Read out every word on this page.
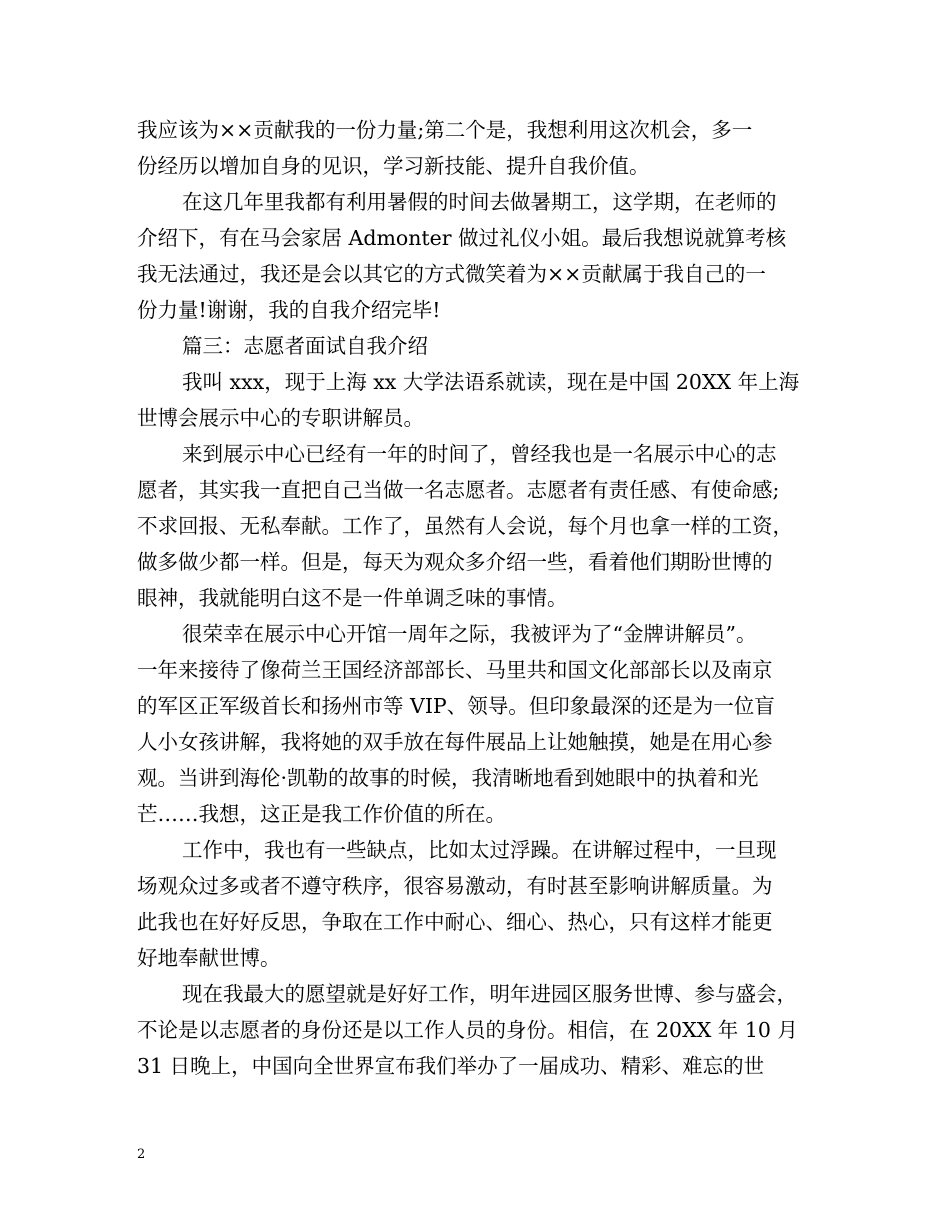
我应该为××贡献我的一份力量;第二个是，我想利用这次机会，多一
份经历以增加自身的见识，学习新技能、提升自我价值。
在这几年里我都有利用暑假的时间去做暑期工，这学期，在老师的
介绍下，有在马会家居 Admonter 做过礼仪小姐。最后我想说就算考核
我无法通过，我还是会以其它的方式微笑着为××贡献属于我自己的一
份力量!谢谢，我的自我介绍完毕!
篇三：志愿者面试自我介绍
我叫 xxx，现于上海 xx 大学法语系就读，现在是中国 20XX 年上海
世博会展示中心的专职讲解员。
来到展示中心已经有一年的时间了，曾经我也是一名展示中心的志
愿者，其实我一直把自己当做一名志愿者。志愿者有责任感、有使命感;
不求回报、无私奉献。工作了，虽然有人会说，每个月也拿一样的工资，
做多做少都一样。但是，每天为观众多介绍一些，看着他们期盼世博的
眼神，我就能明白这不是一件单调乏味的事情。
很荣幸在展示中心开馆一周年之际，我被评为了“金牌讲解员”。
一年来接待了像荷兰王国经济部部长、马里共和国文化部部长以及南京
的军区正军级首长和扬州市等 VIP、领导。但印象最深的还是为一位盲
人小女孩讲解，我将她的双手放在每件展品上让她触摸，她是在用心参
观。当讲到海伦·凯勒的故事的时候，我清晰地看到她眼中的执着和光
芒……我想，这正是我工作价值的所在。
工作中，我也有一些缺点，比如太过浮躁。在讲解过程中，一旦现
场观众过多或者不遵守秩序，很容易激动，有时甚至影响讲解质量。为
此我也在好好反思，争取在工作中耐心、细心、热心，只有这样才能更
好地奉献世博。
现在我最大的愿望就是好好工作，明年进园区服务世博、参与盛会，
不论是以志愿者的身份还是以工作人员的身份。相信，在 20XX 年 10 月
31 日晚上，中国向全世界宣布我们举办了一届成功、精彩、难忘的世
2
